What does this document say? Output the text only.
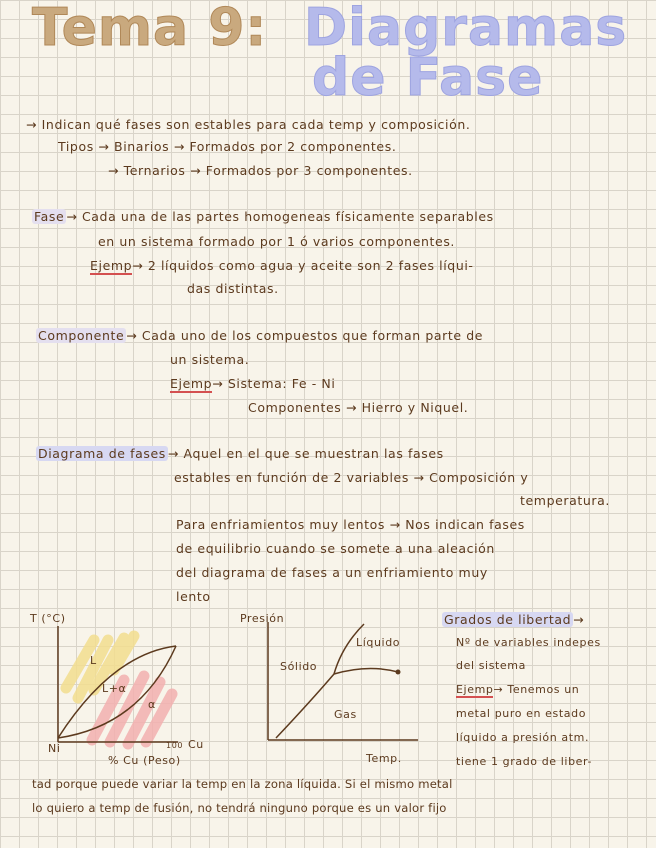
Tema 9: Diagramas
de Fase
→ Indican qué fases son estables para cada temp y composición.
Tipos → Binarios → Formados por 2 componentes.
→ Ternarios → Formados por 3 componentes.
Fase → Cada una de las partes homogeneas físicamente separables
en un sistema formado por 1 ó varios componentes.
Ejemp→ 2 líquidos como agua y aceite son 2 fases líqui-
das distintas.
Componente → Cada uno de los compuestos que forman parte de
un sistema.
Ejemp→ Sistema: Fe - Ni
Componentes → Hierro y Niquel.
Diagrama de fases → Aquel en el que se muestran las fases
estables en función de 2 variables → Composición y
temperatura.
Para enfriamientos muy lentos → Nos indican fases
de equilibrio cuando se somete a una aleación
del diagrama de fases a un enfriamiento muy
lento
T (°C)
L
L+α
α
Ni	100 Cu
% Cu (Peso)
Presión
Líquido
Sólido
Gas
Temp.
Grados de libertad →
Nº de variables indepes
del sistema
Ejemp→ Tenemos un
metal puro en estado
líquido a presión atm.
tiene 1 grado de liber-
tad porque puede variar la temp en la zona líquida. Si el mismo metal
lo quiero a temp de fusión, no tendrá ninguno porque es un valor fijo
